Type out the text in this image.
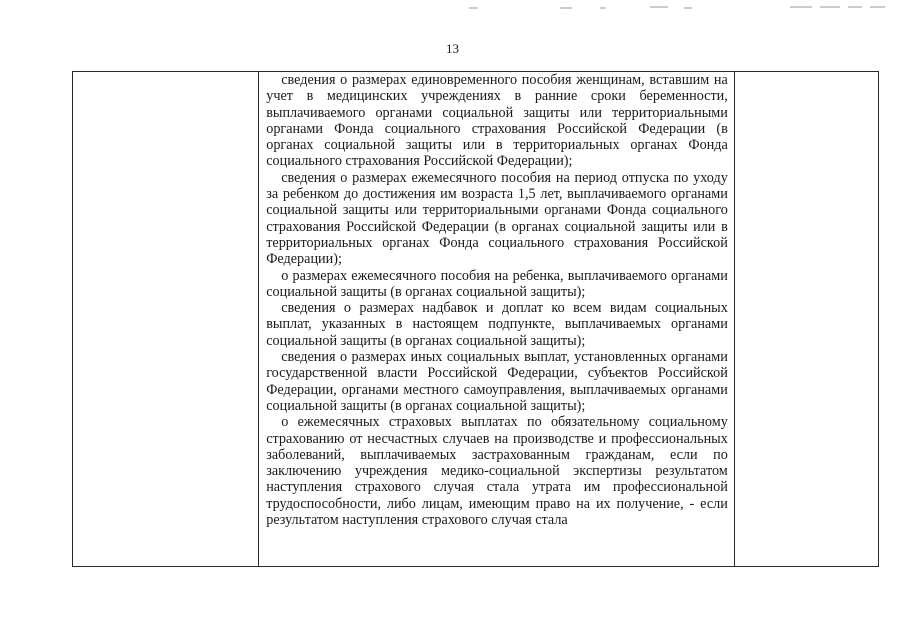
13

сведения о размерах единовременного пособия женщинам, вставшим на учет в медицинских учреждениях в ранние сроки беременности, выплачиваемого органами социальной защиты или территориальными органами Фонда социального страхования Российской Федерации (в органах социальной защиты или в территориальных органах Фонда социального страхования Российской Федерации);

сведения о размерах ежемесячного пособия на период отпуска по уходу за ребенком до достижения им возраста 1,5 лет, выплачиваемого органами социальной защиты или территориальными органами Фонда социального страхования Российской Федерации (в органах социальной защиты или в территориальных органах Фонда социального страхования Российской Федерации);

о размерах ежемесячного пособия на ребенка, выплачиваемого органами социальной защиты (в органах социальной защиты);

сведения о размерах надбавок и доплат ко всем видам социальных выплат, указанных в настоящем подпункте, выплачиваемых органами социальной защиты (в органах социальной защиты);

сведения о размерах иных социальных выплат, установленных органами государственной власти Российской Федерации, субъектов Российской Федерации, органами местного самоуправления, выплачиваемых органами социальной защиты (в органах социальной защиты);

о ежемесячных страховых выплатах по обязательному социальному страхованию от несчастных случаев на производстве и профессиональных заболеваний, выплачиваемых застрахованным гражданам, если по заключению учреждения медико-социальной экспертизы результатом наступления страхового случая стала утрата им профессиональной трудоспособности, либо лицам, имеющим право на их получение, - если результатом наступления страхового случая стала
